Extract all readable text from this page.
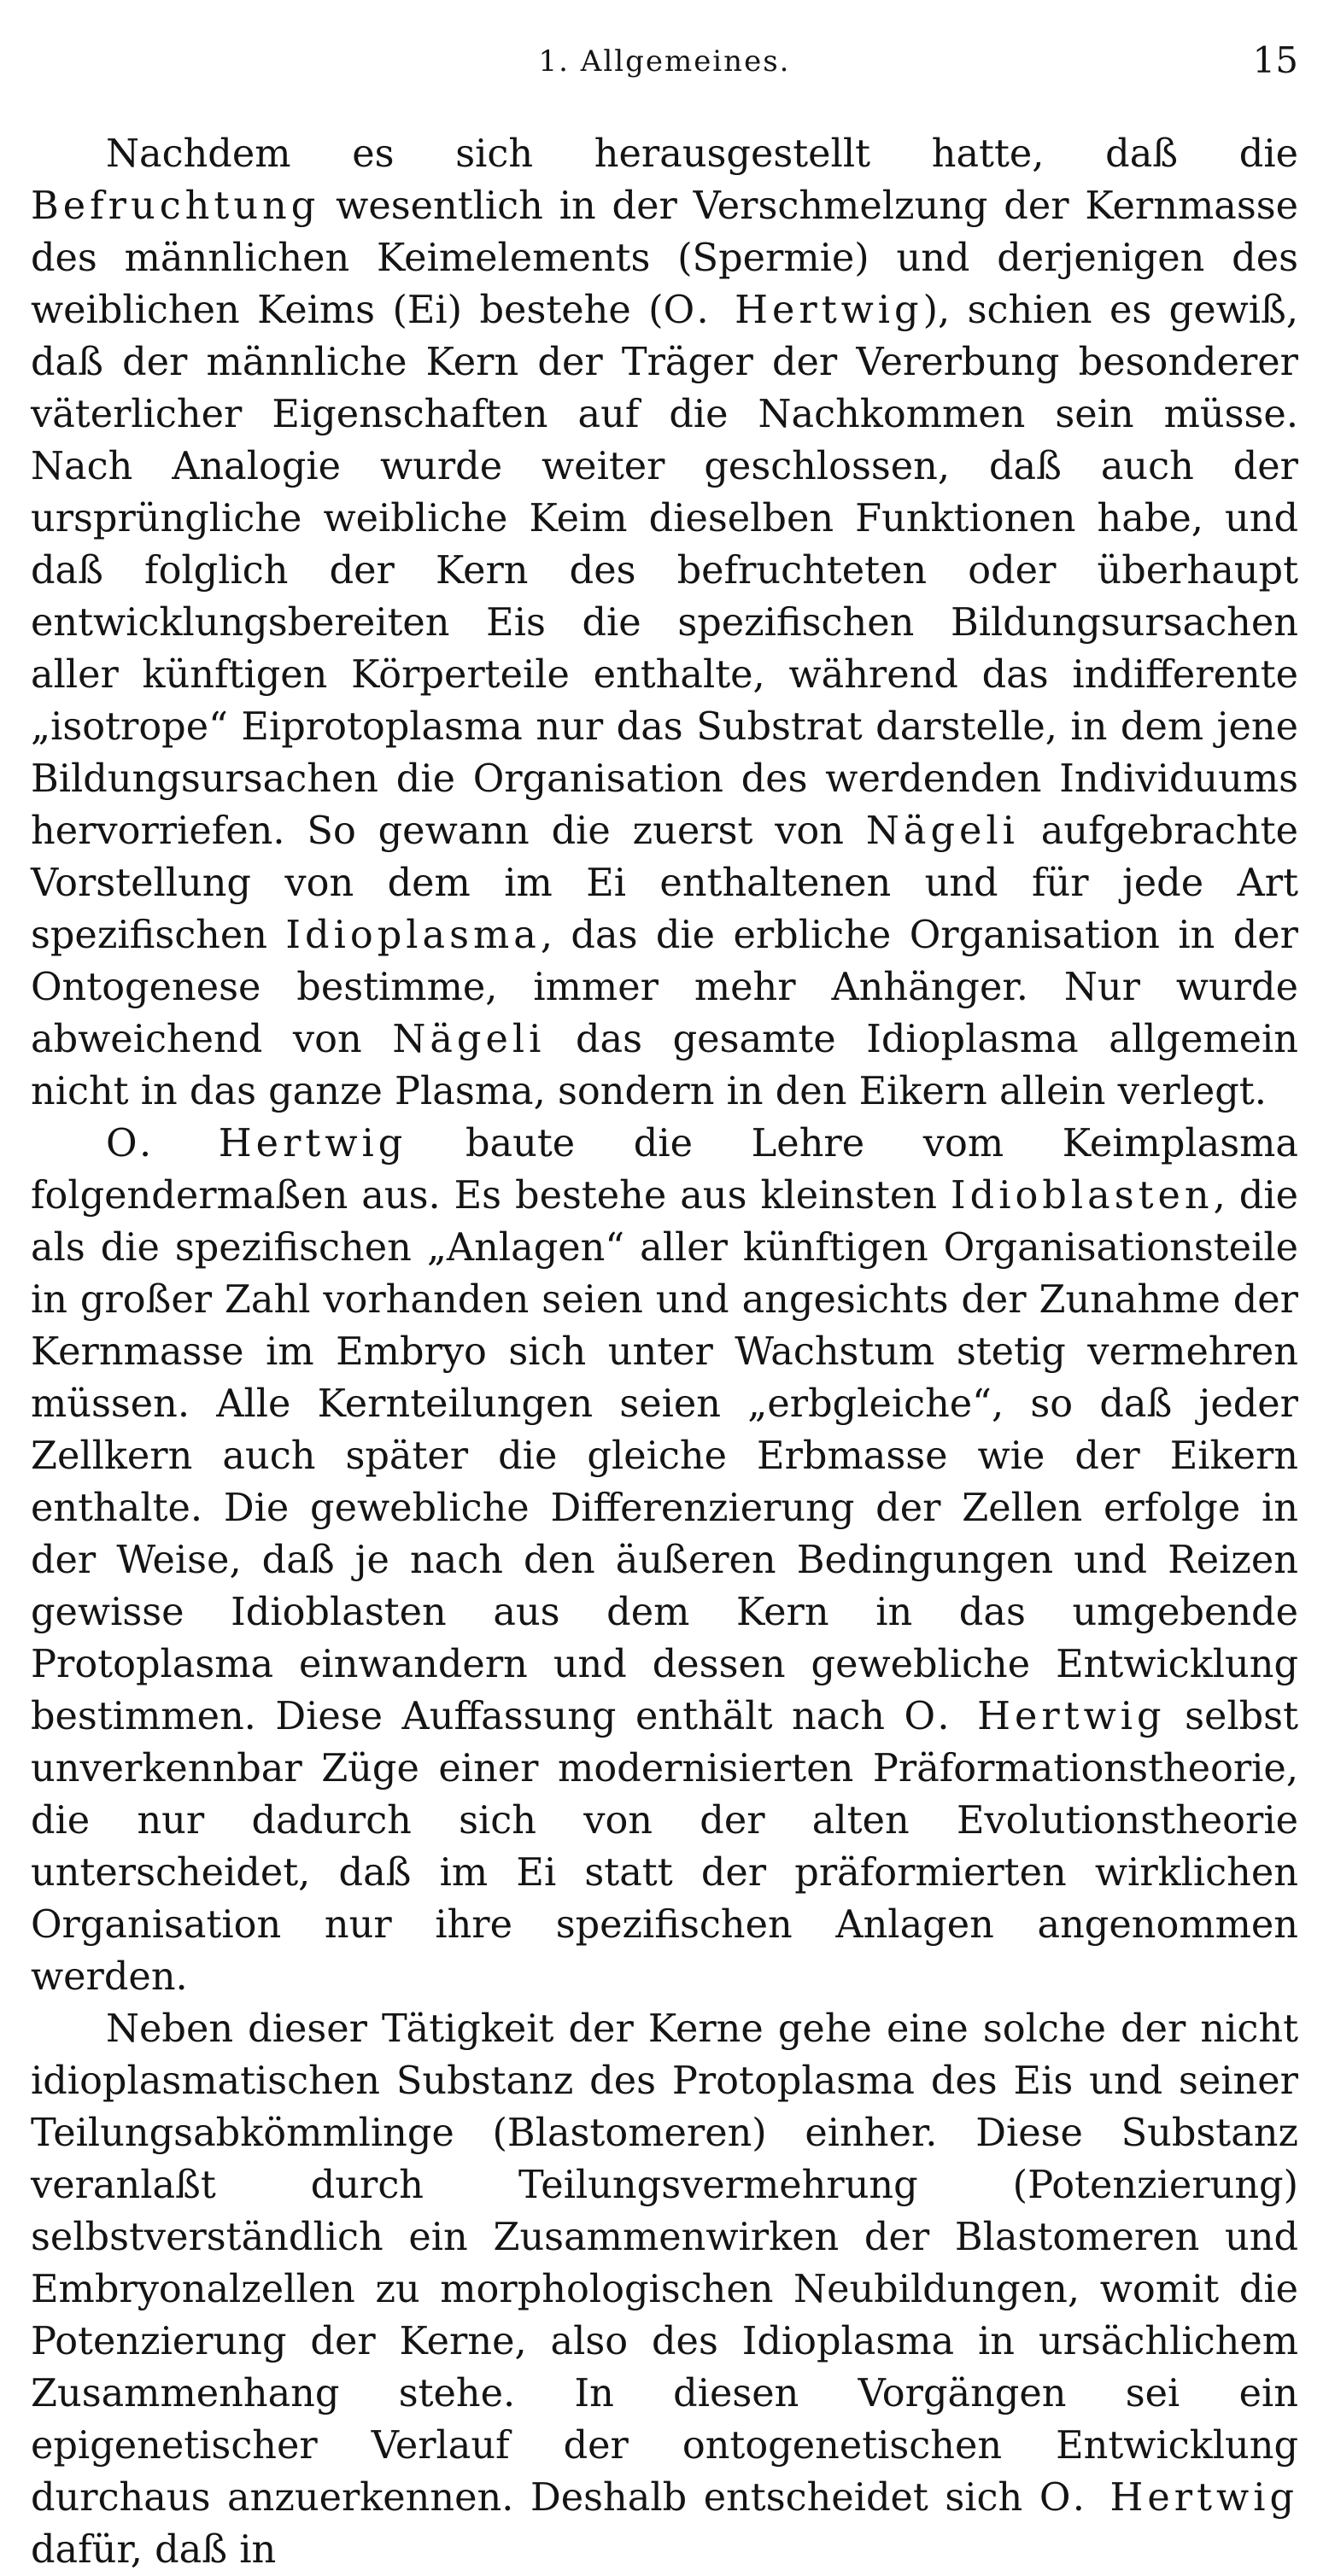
1. Allgemeines.	15

Nachdem es sich herausgestellt hatte, daß die Befruchtung wesentlich in der Verschmelzung der Kernmasse des männlichen Keimelements (Spermie) und derjenigen des weiblichen Keims (Ei) bestehe (O. Hertwig), schien es gewiß, daß der männliche Kern der Träger der Vererbung besonderer väterlicher Eigenschaften auf die Nachkommen sein müsse. Nach Analogie wurde weiter geschlossen, daß auch der ursprüngliche weibliche Keim dieselben Funktionen habe, und daß folglich der Kern des befruchteten oder überhaupt entwicklungsbereiten Eis die spezifischen Bildungsursachen aller künftigen Körperteile enthalte, während das indifferente „isotrope“ Eiprotoplasma nur das Substrat darstelle, in dem jene Bildungsursachen die Organisation des werdenden Individuums hervorriefen. So gewann die zuerst von Nägeli aufgebrachte Vorstellung von dem im Ei enthaltenen und für jede Art spezifischen Idioplasma, das die erbliche Organisation in der Ontogenese bestimme, immer mehr Anhänger. Nur wurde abweichend von Nägeli das gesamte Idioplasma allgemein nicht in das ganze Plasma, sondern in den Eikern allein verlegt.

O. Hertwig baute die Lehre vom Keimplasma folgendermaßen aus. Es bestehe aus kleinsten Idioblasten, die als die spezifischen „Anlagen“ aller künftigen Organisationsteile in großer Zahl vorhanden seien und angesichts der Zunahme der Kernmasse im Embryo sich unter Wachstum stetig vermehren müssen. Alle Kernteilungen seien „erbgleiche“, so daß jeder Zellkern auch später die gleiche Erbmasse wie der Eikern enthalte. Die gewebliche Differenzierung der Zellen erfolge in der Weise, daß je nach den äußeren Bedingungen und Reizen gewisse Idioblasten aus dem Kern in das umgebende Protoplasma einwandern und dessen gewebliche Entwicklung bestimmen. Diese Auffassung enthält nach O. Hertwig selbst unverkennbar Züge einer modernisierten Präformationstheorie, die nur dadurch sich von der alten Evolutionstheorie unterscheidet, daß im Ei statt der präformierten wirklichen Organisation nur ihre spezifischen Anlagen angenommen werden.

Neben dieser Tätigkeit der Kerne gehe eine solche der nicht idioplasmatischen Substanz des Protoplasma des Eis und seiner Teilungsabkömmlinge (Blastomeren) einher. Diese Substanz veranlaßt durch Teilungsvermehrung (Potenzierung) selbstverständlich ein Zusammenwirken der Blastomeren und Embryonalzellen zu morphologischen Neubildungen, womit die Potenzierung der Kerne, also des Idioplasma in ursächlichem Zusammenhang stehe. In diesen Vorgängen sei ein epigenetischer Verlauf der ontogenetischen Entwicklung durchaus anzuerkennen. Deshalb entscheidet sich O. Hertwig dafür, daß in
